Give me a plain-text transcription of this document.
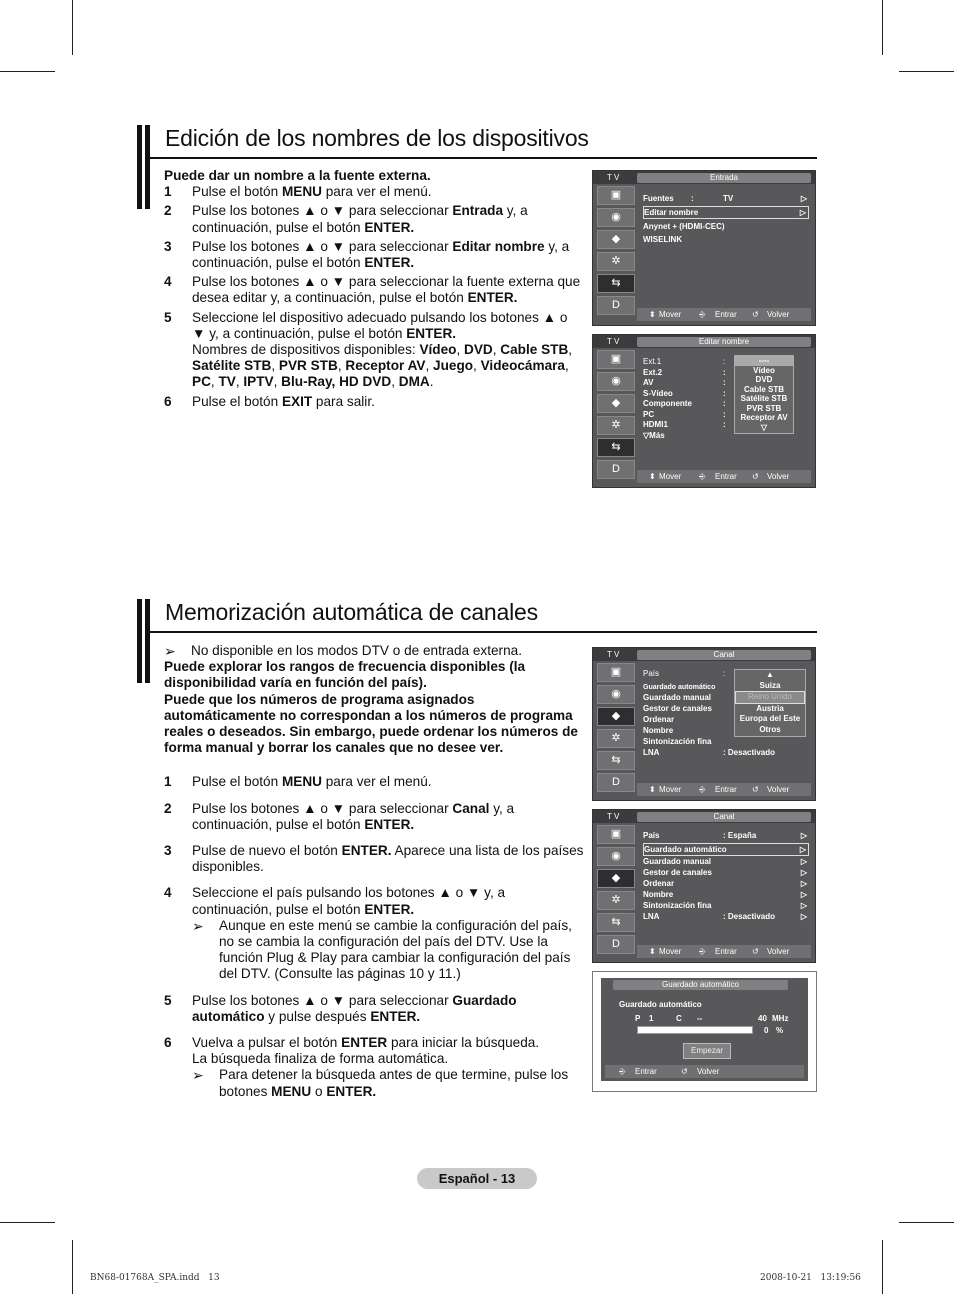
Edición de los nombres de los dispositivos

Puede dar un nombre a la fuente externa.

1 Pulse el botón MENU para ver el menú.
2 Pulse los botones ▲ o ▼ para seleccionar Entrada y, a continuación, pulse el botón ENTER.
3 Pulse los botones ▲ o ▼ para seleccionar Editar nombre y, a continuación, pulse el botón ENTER.
4 Pulse los botones ▲ o ▼ para seleccionar la fuente externa que desea editar y, a continuación, pulse el botón ENTER.
5 Seleccione lel dispositivo adecuado pulsando los botones ▲ o ▼ y, a continuación, pulse el botón ENTER.
Nombres de dispositivos disponibles: Vídeo, DVD, Cable STB, Satélite STB, PVR STB, Receptor AV, Juego, Videocámara, PC, TV, IPTV, Blu-Ray, HD DVD, DMA.
6 Pulse el botón EXIT para salir.
Memorización automática de canales
➢ No disponible en los modos DTV o de entrada externa.

Puede explorar los rangos de frecuencia disponibles (la disponibilidad varía en función del país).

Puede que los números de programa asignados automáticamente no correspondan a los números de programa reales o deseados. Sin embargo, puede ordenar los números de forma manual y borrar los canales que no desee ver.

1 Pulse el botón MENU para ver el menú.
2 Pulse los botones ▲ o ▼ para seleccionar Canal y, a continuación, pulse el botón ENTER.
3 Pulse de nuevo el botón ENTER. Aparece una lista de los países disponibles.
4 Seleccione el país pulsando los botones ▲ o ▼ y, a continuación, pulse el botón ENTER.
➢ Aunque en este menú se cambie la configuración del país, no se cambia la configuración del país del DTV. Use la función Plug & Play para cambiar la configuración del país del DTV. (Consulte las páginas 10 y 11.)
5 Pulse los botones ▲ o ▼ para seleccionar Guardado automático y pulse después ENTER.
6 Vuelva a pulsar el botón ENTER para iniciar la búsqueda.
La búsqueda finaliza de forma automática.
➢ Para detener la búsqueda antes de que termine, pulse los botones MENU o ENTER.
T V	Entrada
▣
◉
◆
✲
⇆
D
Fuentes :	TV	▷
Editar nombre	▷
Anynet + (HDMI-CEC)
WISELINK
⬍ Mover ⎆ Entrar ↺ Volver
T V	Editar nombre
▣
◉
◆
✲
⇆
D
Ext.1	:
Ext.2	:
AV	:
S-Vídeo	:
Componente	:
PC	:
HDMI1	:
▽Más
----
Vídeo
DVD
Cable STB
Satélite STB
PVR STB
Receptor AV
▽
⬍ Mover ⎆ Entrar ↺ Volver
T V	Canal
▣
◉
◆
✲
⇆
D
País	:
Guardado automático
Guardado manual
Gestor de canales
Ordenar
Nombre
Sintonización fina
LNA	: Desactivado
▲
Suiza
Reino Unido
Austria
Europa del Este
Otros
⬍ Mover ⎆ Entrar ↺ Volver
T V	Canal
▣
◉
◆
✲
⇆
D
País	: España	▷
Guardado automático	▷
Guardado manual	▷
Gestor de canales	▷
Ordenar	▷
Nombre	▷
Sintonización fina	▷
LNA	: Desactivado	▷
⬍ Mover ⎆ Entrar ↺ Volver
Guardado automático
Guardado automático
P 1	C --	40 MHz
0 %
Empezar
⎆ Entrar	↺ Volver
Español - 13
BN68-01768A_SPA.indd   13	2008-10-21   13:19:56
